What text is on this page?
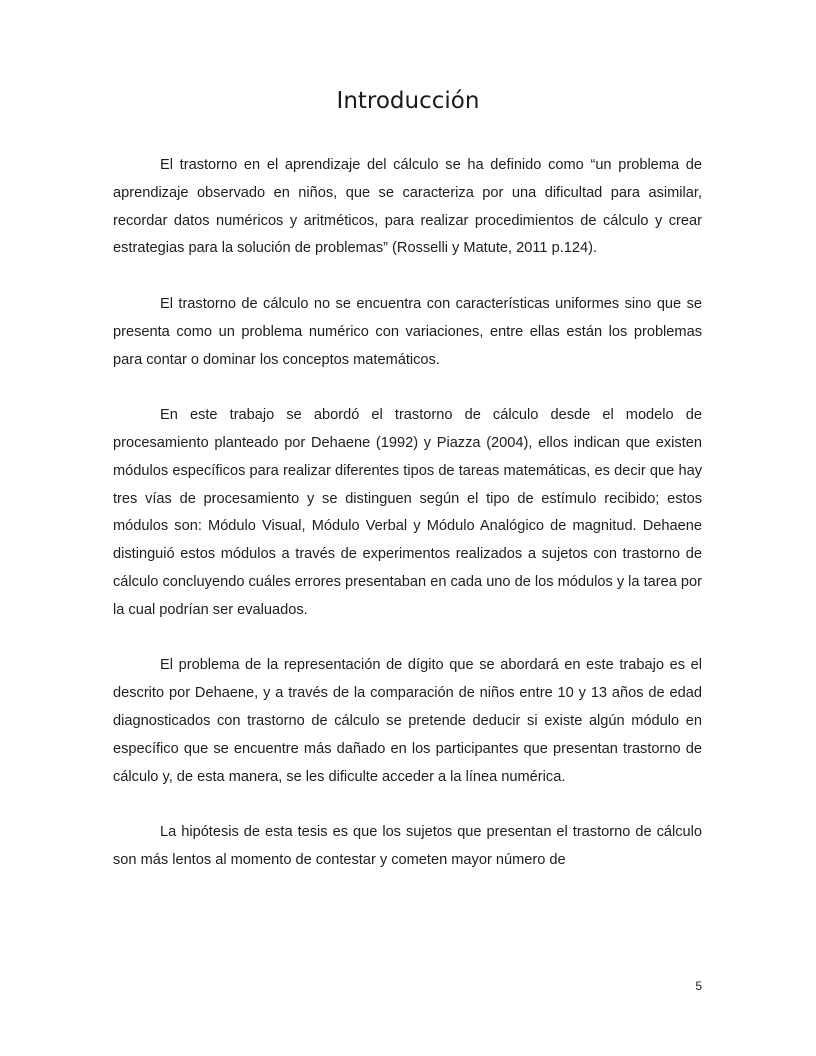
Introducción

El trastorno en el aprendizaje del cálculo se ha definido como “un problema de aprendizaje observado en niños, que se caracteriza por una dificultad para asimilar, recordar datos numéricos y aritméticos, para realizar procedimientos de cálculo y crear estrategias para la solución de problemas” (Rosselli y Matute, 2011 p.124).

El trastorno de cálculo no se encuentra con características uniformes sino que se presenta como un problema numérico con variaciones, entre ellas están los problemas para contar o dominar los conceptos matemáticos.

En este trabajo se abordó el trastorno de cálculo desde el modelo de procesamiento planteado por Dehaene (1992) y Piazza (2004), ellos indican que existen módulos específicos para realizar diferentes tipos de tareas matemáticas, es decir que hay tres vías de procesamiento y se distinguen según el tipo de estímulo recibido; estos módulos son: Módulo Visual, Módulo Verbal y Módulo Analógico de magnitud. Dehaene distinguió estos módulos a través de experimentos realizados a sujetos con trastorno de cálculo concluyendo cuáles errores presentaban en cada uno de los módulos y la tarea por la cual podrían ser evaluados.

El problema de la representación de dígito que se abordará en este trabajo es el descrito por Dehaene, y a través de la comparación de niños entre 10 y 13 años de edad diagnosticados con trastorno de cálculo se pretende deducir si existe algún módulo en específico que se encuentre más dañado en los participantes que presentan trastorno de cálculo y, de esta manera, se les dificulte acceder a la línea numérica.

La hipótesis de esta tesis es que los sujetos que presentan el trastorno de cálculo son más lentos al momento de contestar y cometen mayor número de

5
